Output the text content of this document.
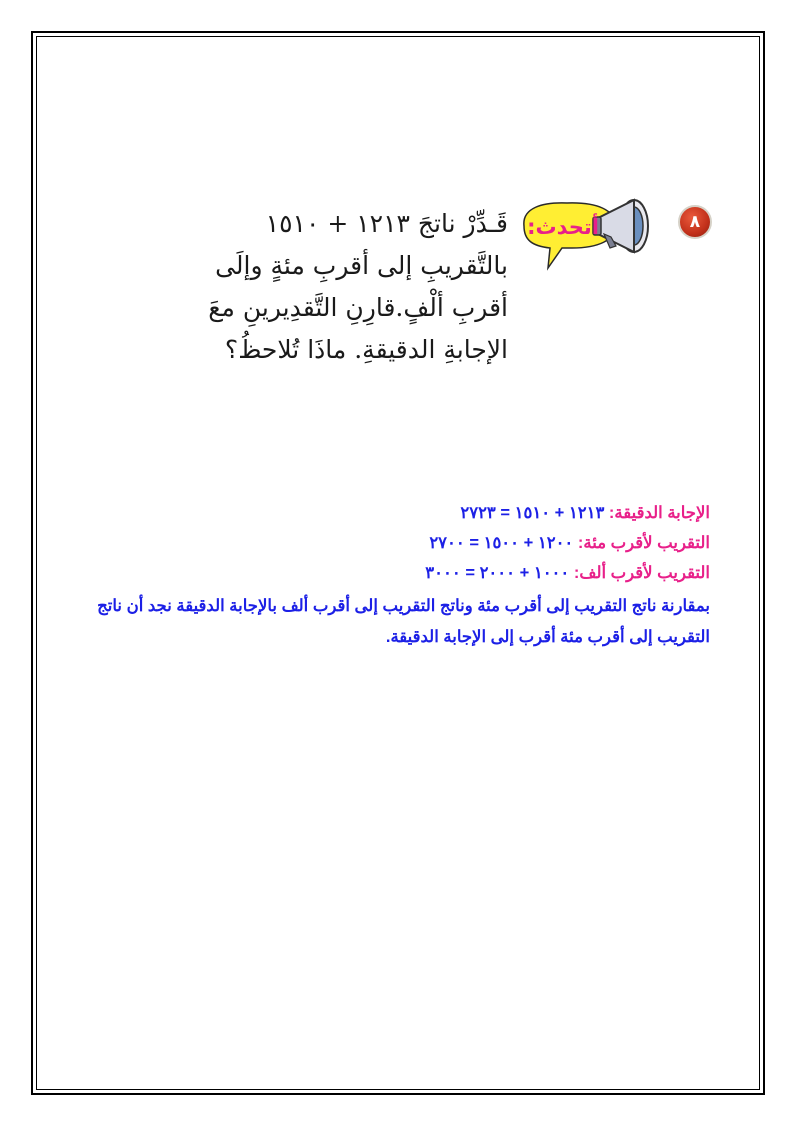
٨
أتحدث:
قَـدِّرْ ناتجَ ١٢١٣ + ١٥١٠
بالتَّقريبِ إلى أقربِ مئةٍ وإلَى
أقربِ ألْفٍ.قارِنِ التَّقدِيرينِ معَ
الإجابةِ الدقيقةِ. ماذَا تُلاحظُ؟
الإجابة الدقيقة: ١٢١٣ + ١٥١٠ = ٢٧٢٣
التقريب لأقرب مئة: ١٢٠٠ + ١٥٠٠ = ٢٧٠٠
التقريب لأقرب ألف: ١٠٠٠ + ٢٠٠٠ = ٣٠٠٠
بمقارنة ناتج التقريب إلى أقرب مئة وناتج التقريب إلى أقرب ألف بالإجابة الدقيقة نجد أن ناتج التقريب إلى أقرب مئة أقرب إلى الإجابة الدقيقة.
